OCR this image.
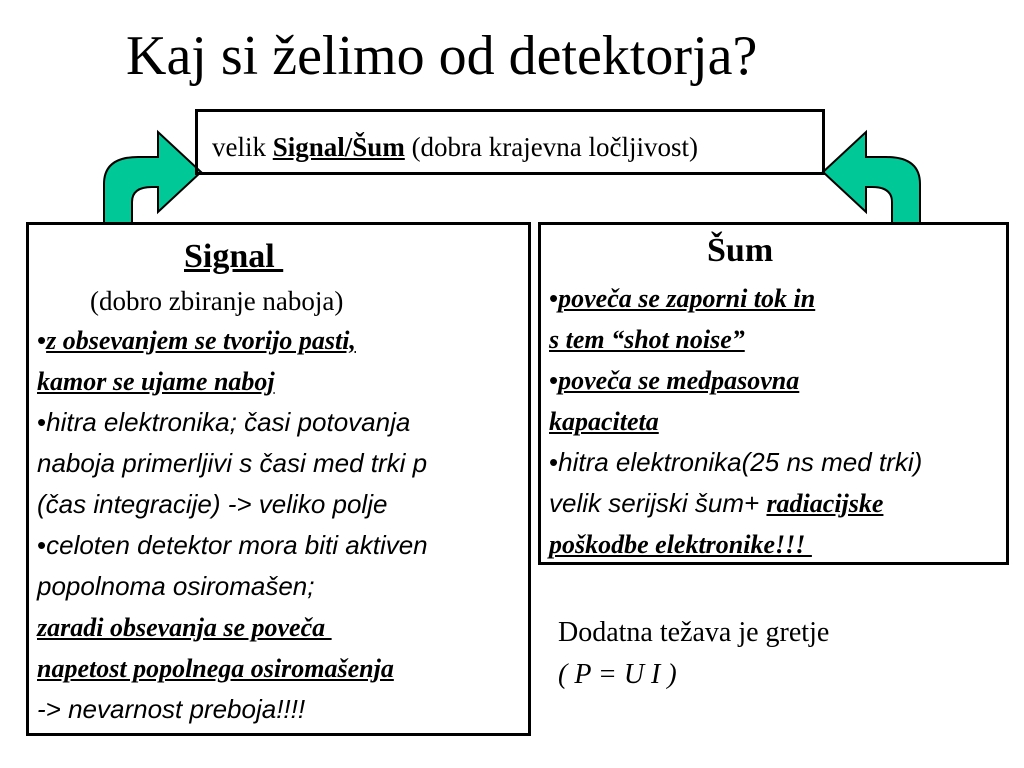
Kaj si želimo od detektorja?
velik Signal/Šum (dobra krajevna ločljivost)
Signal
(dobro zbiranje naboja)
•z obsevanjem se tvorijo pasti,
kamor se ujame naboj
•hitra elektronika; časi potovanja
naboja primerljivi s časi med trki p
(čas integracije) -> veliko polje
•celoten detektor mora biti aktiven
popolnoma osiromašen;
zaradi obsevanja se poveča
napetost popolnega osiromašenja
-> nevarnost preboja!!!!
Šum
•poveča se zaporni tok in
s tem “shot noise”
•poveča se medpasovna
kapaciteta
•hitra elektronika(25 ns med trki)
velik serijski šum+ radiacijske
poškodbe elektronike!!!
Dodatna težava je gretje
( P = U I )
